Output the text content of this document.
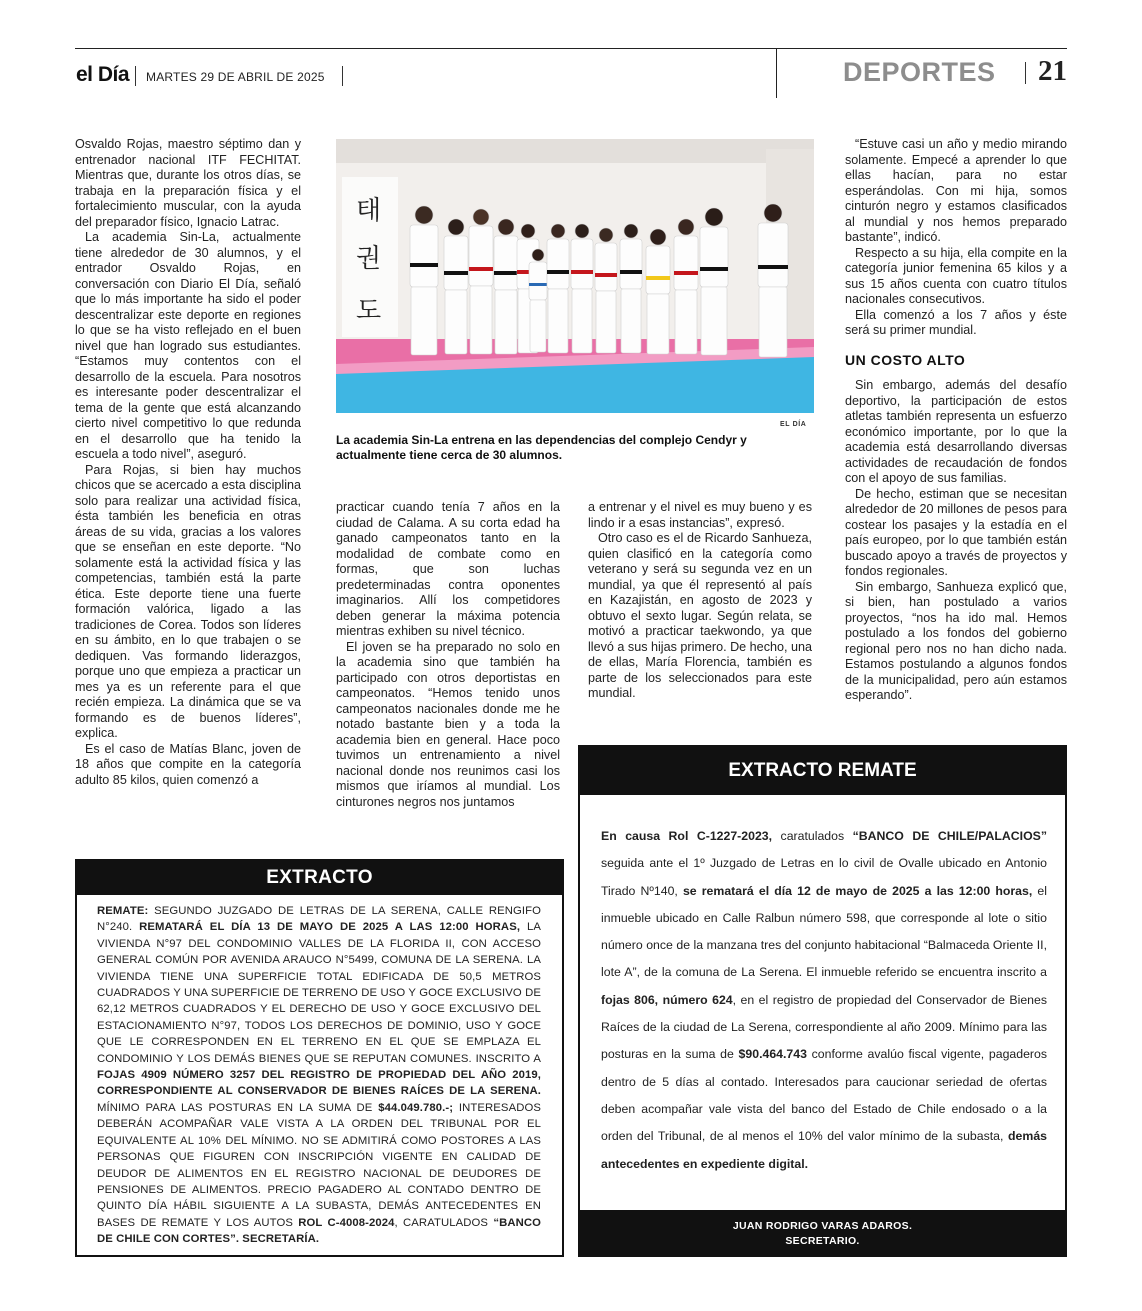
el Día MARTES 29 DE ABRIL DE 2025	DEPORTES 21

Osvaldo Rojas, maestro séptimo dan y entrenador nacional ITF FECHITAT. Mientras que, durante los otros días, se trabaja en la preparación física y el fortalecimiento muscular, con la ayuda del preparador físico, Ignacio Latrac.

La academia Sin-La, actualmente tiene alrededor de 30 alumnos, y el entrador Osvaldo Rojas, en conversación con Diario El Día, señaló que lo más importante ha sido el poder descentralizar este deporte en regiones lo que se ha visto reflejado en el buen nivel que han logrado sus estudiantes. “Estamos muy contentos con el desarrollo de la escuela. Para nosotros es interesante poder descentralizar el tema de la gente que está alcanzando cierto nivel competitivo lo que redunda en el desarrollo que ha tenido la escuela a todo nivel”, aseguró.

Para Rojas, si bien hay muchos chicos que se acercado a esta disciplina solo para realizar una actividad física, ésta también les beneficia en otras áreas de su vida, gracias a los valores que se enseñan en este deporte. “No solamente está la actividad física y las competencias, también está la parte ética. Este deporte tiene una fuerte formación valórica, ligado a las tradiciones de Corea. Todos son líderes en su ámbito, en lo que trabajen o se dediquen. Vas formando liderazgos, porque uno que empieza a practicar un mes ya es un referente para el que recién empieza. La dinámica que se va formando es de buenos líderes”, explica.

Es el caso de Matías Blanc, joven de 18 años que compite en la categoría adulto 85 kilos, quien comenzó a

태
권
도
EL DÍA
La academia Sin-La entrena en las dependencias del complejo Cendyr y actualmente tiene cerca de 30 alumnos.

practicar cuando tenía 7 años en la ciudad de Calama. A su corta edad ha ganado campeonatos tanto en la modalidad de combate como en formas, que son luchas predeterminadas contra oponentes imaginarios. Allí los competidores deben generar la máxima potencia mientras exhiben su nivel técnico.

El joven se ha preparado no solo en la academia sino que también ha participado con otros deportistas en campeonatos. “Hemos tenido unos campeonatos nacionales donde me he notado bastante bien y a toda la academia bien en general. Hace poco tuvimos un entrenamiento a nivel nacional donde nos reunimos casi los mismos que iríamos al mundial. Los cinturones negros nos juntamos

a entrenar y el nivel es muy bueno y es lindo ir a esas instancias”, expresó.

Otro caso es el de Ricardo Sanhueza, quien clasificó en la categoría como veterano y será su segunda vez en un mundial, ya que él representó al país en Kazajistán, en agosto de 2023 y obtuvo el sexto lugar. Según relata, se motivó a practicar taekwondo, ya que llevó a sus hijas primero. De hecho, una de ellas, María Florencia, también es parte de los seleccionados para este mundial.

“Estuve casi un año y medio mirando solamente. Empecé a aprender lo que ellas hacían, para no estar esperándolas. Con mi hija, somos cinturón negro y estamos clasificados al mundial y nos hemos preparado bastante”, indicó.

Respecto a su hija, ella compite en la categoría junior femenina 65 kilos y a sus 15 años cuenta con cuatro títulos nacionales consecutivos.

Ella comenzó a los 7 años y éste será su primer mundial.

UN COSTO ALTO

Sin embargo, además del desafío deportivo, la participación de estos atletas también representa un esfuerzo económico importante, por lo que la academia está desarrollando diversas actividades de recaudación de fondos con el apoyo de sus familias.

De hecho, estiman que se necesitan alrededor de 20 millones de pesos para costear los pasajes y la estadía en el país europeo, por lo que también están buscado apoyo a través de proyectos y fondos regionales.

Sin embargo, Sanhueza explicó que, si bien, han postulado a varios proyectos, “nos ha ido mal. Hemos postulado a los fondos del gobierno regional pero nos no han dicho nada. Estamos postulando a algunos fondos de la municipalidad, pero aún estamos esperando”.

EXTRACTO
REMATE: SEGUNDO JUZGADO DE LETRAS DE LA SERENA, CALLE RENGIFO N°240. REMATARÁ EL DÍA 13 DE MAYO DE 2025 A LAS 12:00 HORAS, LA VIVIENDA N°97 DEL CONDOMINIO VALLES DE LA FLORIDA II, CON ACCESO GENERAL COMÚN POR AVENIDA ARAUCO N°5499, COMUNA DE LA SERENA. LA VIVIENDA TIENE UNA SUPERFICIE TOTAL EDIFICADA DE 50,5 METROS CUADRADOS Y UNA SUPERFICIE DE TERRENO DE USO Y GOCE EXCLUSIVO DE 62,12 METROS CUADRADOS Y EL DERECHO DE USO Y GOCE EXCLUSIVO DEL ESTACIONAMIENTO N°97, TODOS LOS DERECHOS DE DOMINIO, USO Y GOCE QUE LE CORRESPONDEN EN EL TERRENO EN EL QUE SE EMPLAZA EL CONDOMINIO Y LOS DEMÁS BIENES QUE SE REPUTAN COMUNES. INSCRITO A FOJAS 4909 NÚMERO 3257 DEL REGISTRO DE PROPIEDAD DEL AÑO 2019, CORRESPONDIENTE AL CONSERVADOR DE BIENES RAÍCES DE LA SERENA. MÍNIMO PARA LAS POSTURAS EN LA SUMA DE $44.049.780.-; INTERESADOS DEBERÁN ACOMPAÑAR VALE VISTA A LA ORDEN DEL TRIBUNAL POR EL EQUIVALENTE AL 10% DEL MÍNIMO. NO SE ADMITIRÁ COMO POSTORES A LAS PERSONAS QUE FIGUREN CON INSCRIPCIÓN VIGENTE EN CALIDAD DE DEUDOR DE ALIMENTOS EN EL REGISTRO NACIONAL DE DEUDORES DE PENSIONES DE ALIMENTOS. PRECIO PAGADERO AL CONTADO DENTRO DE QUINTO DÍA HÁBIL SIGUIENTE A LA SUBASTA, DEMÁS ANTECEDENTES EN BASES DE REMATE Y LOS AUTOS ROL C-4008-2024, CARATULADOS “BANCO DE CHILE CON CORTES”. SECRETARÍA.
EXTRACTO REMATE
En causa Rol C-1227-2023, caratulados “BANCO DE CHILE/PALACIOS” seguida ante el 1º Juzgado de Letras en lo civil de Ovalle ubicado en Antonio Tirado Nº140, se rematará el día 12 de mayo de 2025 a las 12:00 horas, el inmueble ubicado en Calle Ralbun número 598, que corresponde al lote o sitio número once de la manzana tres del conjunto habitacional “Balmaceda Oriente II, lote A”, de la comuna de La Serena. El inmueble referido se encuentra inscrito a fojas 806, número 624, en el registro de propiedad del Conservador de Bienes Raíces de la ciudad de La Serena, correspondiente al año 2009. Mínimo para las posturas en la suma de $90.464.743 conforme avalúo fiscal vigente, pagaderos dentro de 5 días al contado. Interesados para caucionar seriedad de ofertas deben acompañar vale vista del banco del Estado de Chile endosado o a la orden del Tribunal, de al menos el 10% del valor mínimo de la subasta, demás antecedentes en expediente digital.
JUAN RODRIGO VARAS ADAROS.
SECRETARIO.
